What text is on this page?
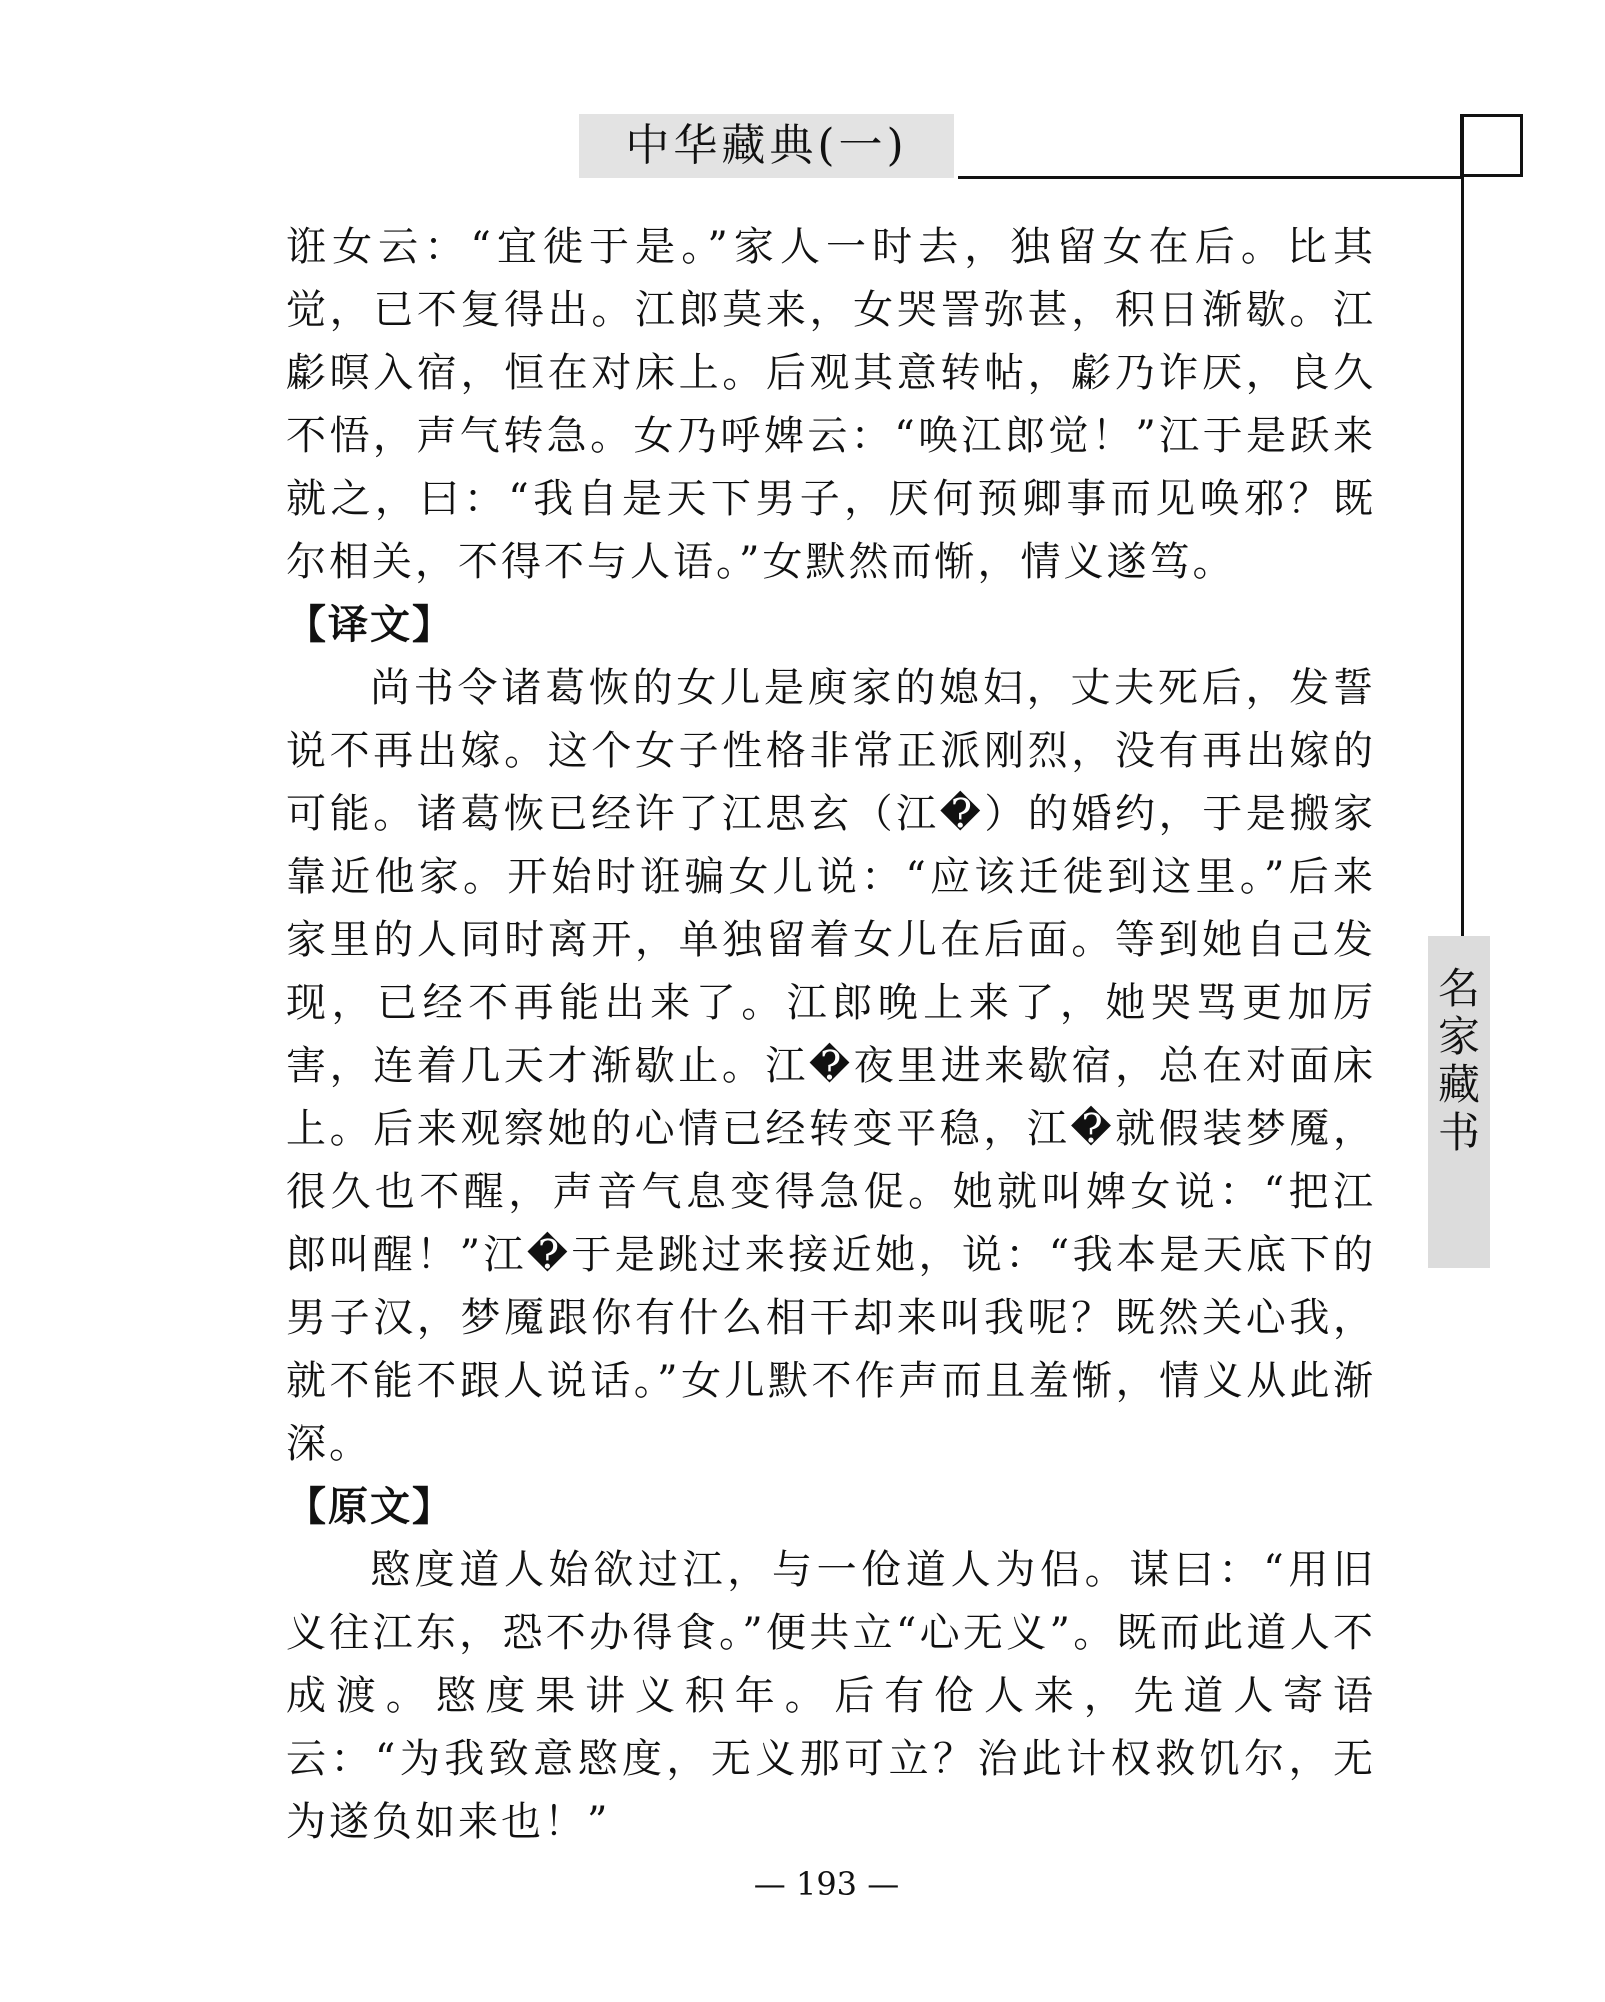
中华藏典(一)
名
家
藏
书

诳女云：“宜徙于是。”家人一时去，独留女在后。比其觉，已不复得出。江郎莫来，女哭詈弥甚，积日渐歇。江虨暝入宿，恒在对床上。后观其意转帖，虨乃诈厌，良久不悟，声气转急。女乃呼婢云：“唤江郎觉！”江于是跃来就之，曰：“我自是天下男子，厌何预卿事而见唤邪？既尔相关，不得不与人语。”女默然而惭，情义遂笃。

【译文】

尚书令诸葛恢的女儿是庾家的媳妇，丈夫死后，发誓说不再出嫁。这个女子性格非常正派刚烈，没有再出嫁的可能。诸葛恢已经许了江思玄（江�）的婚约，于是搬家靠近他家。开始时诳骗女儿说：“应该迁徙到这里。”后来家里的人同时离开，单独留着女儿在后面。等到她自己发现，已经不再能出来了。江郎晚上来了，她哭骂更加厉害，连着几天才渐歇止。江�夜里进来歇宿，总在对面床上。后来观察她的心情已经转变平稳，江�就假装梦魇，很久也不醒，声音气息变得急促。她就叫婢女说：“把江郎叫醒！”江�于是跳过来接近她，说：“我本是天底下的男子汉，梦魇跟你有什么相干却来叫我呢？既然关心我，就不能不跟人说话。”女儿默不作声而且羞惭，情义从此渐深。

【原文】

愍度道人始欲过江，与一伧道人为侣。谋曰：“用旧义往江东，恐不办得食。”便共立“心无义”。既而此道人不成渡。愍度果讲义积年。后有伧人来，先道人寄语云：“为我致意愍度，无义那可立？治此计权救饥尔，无为遂负如来也！”

— 193 —
